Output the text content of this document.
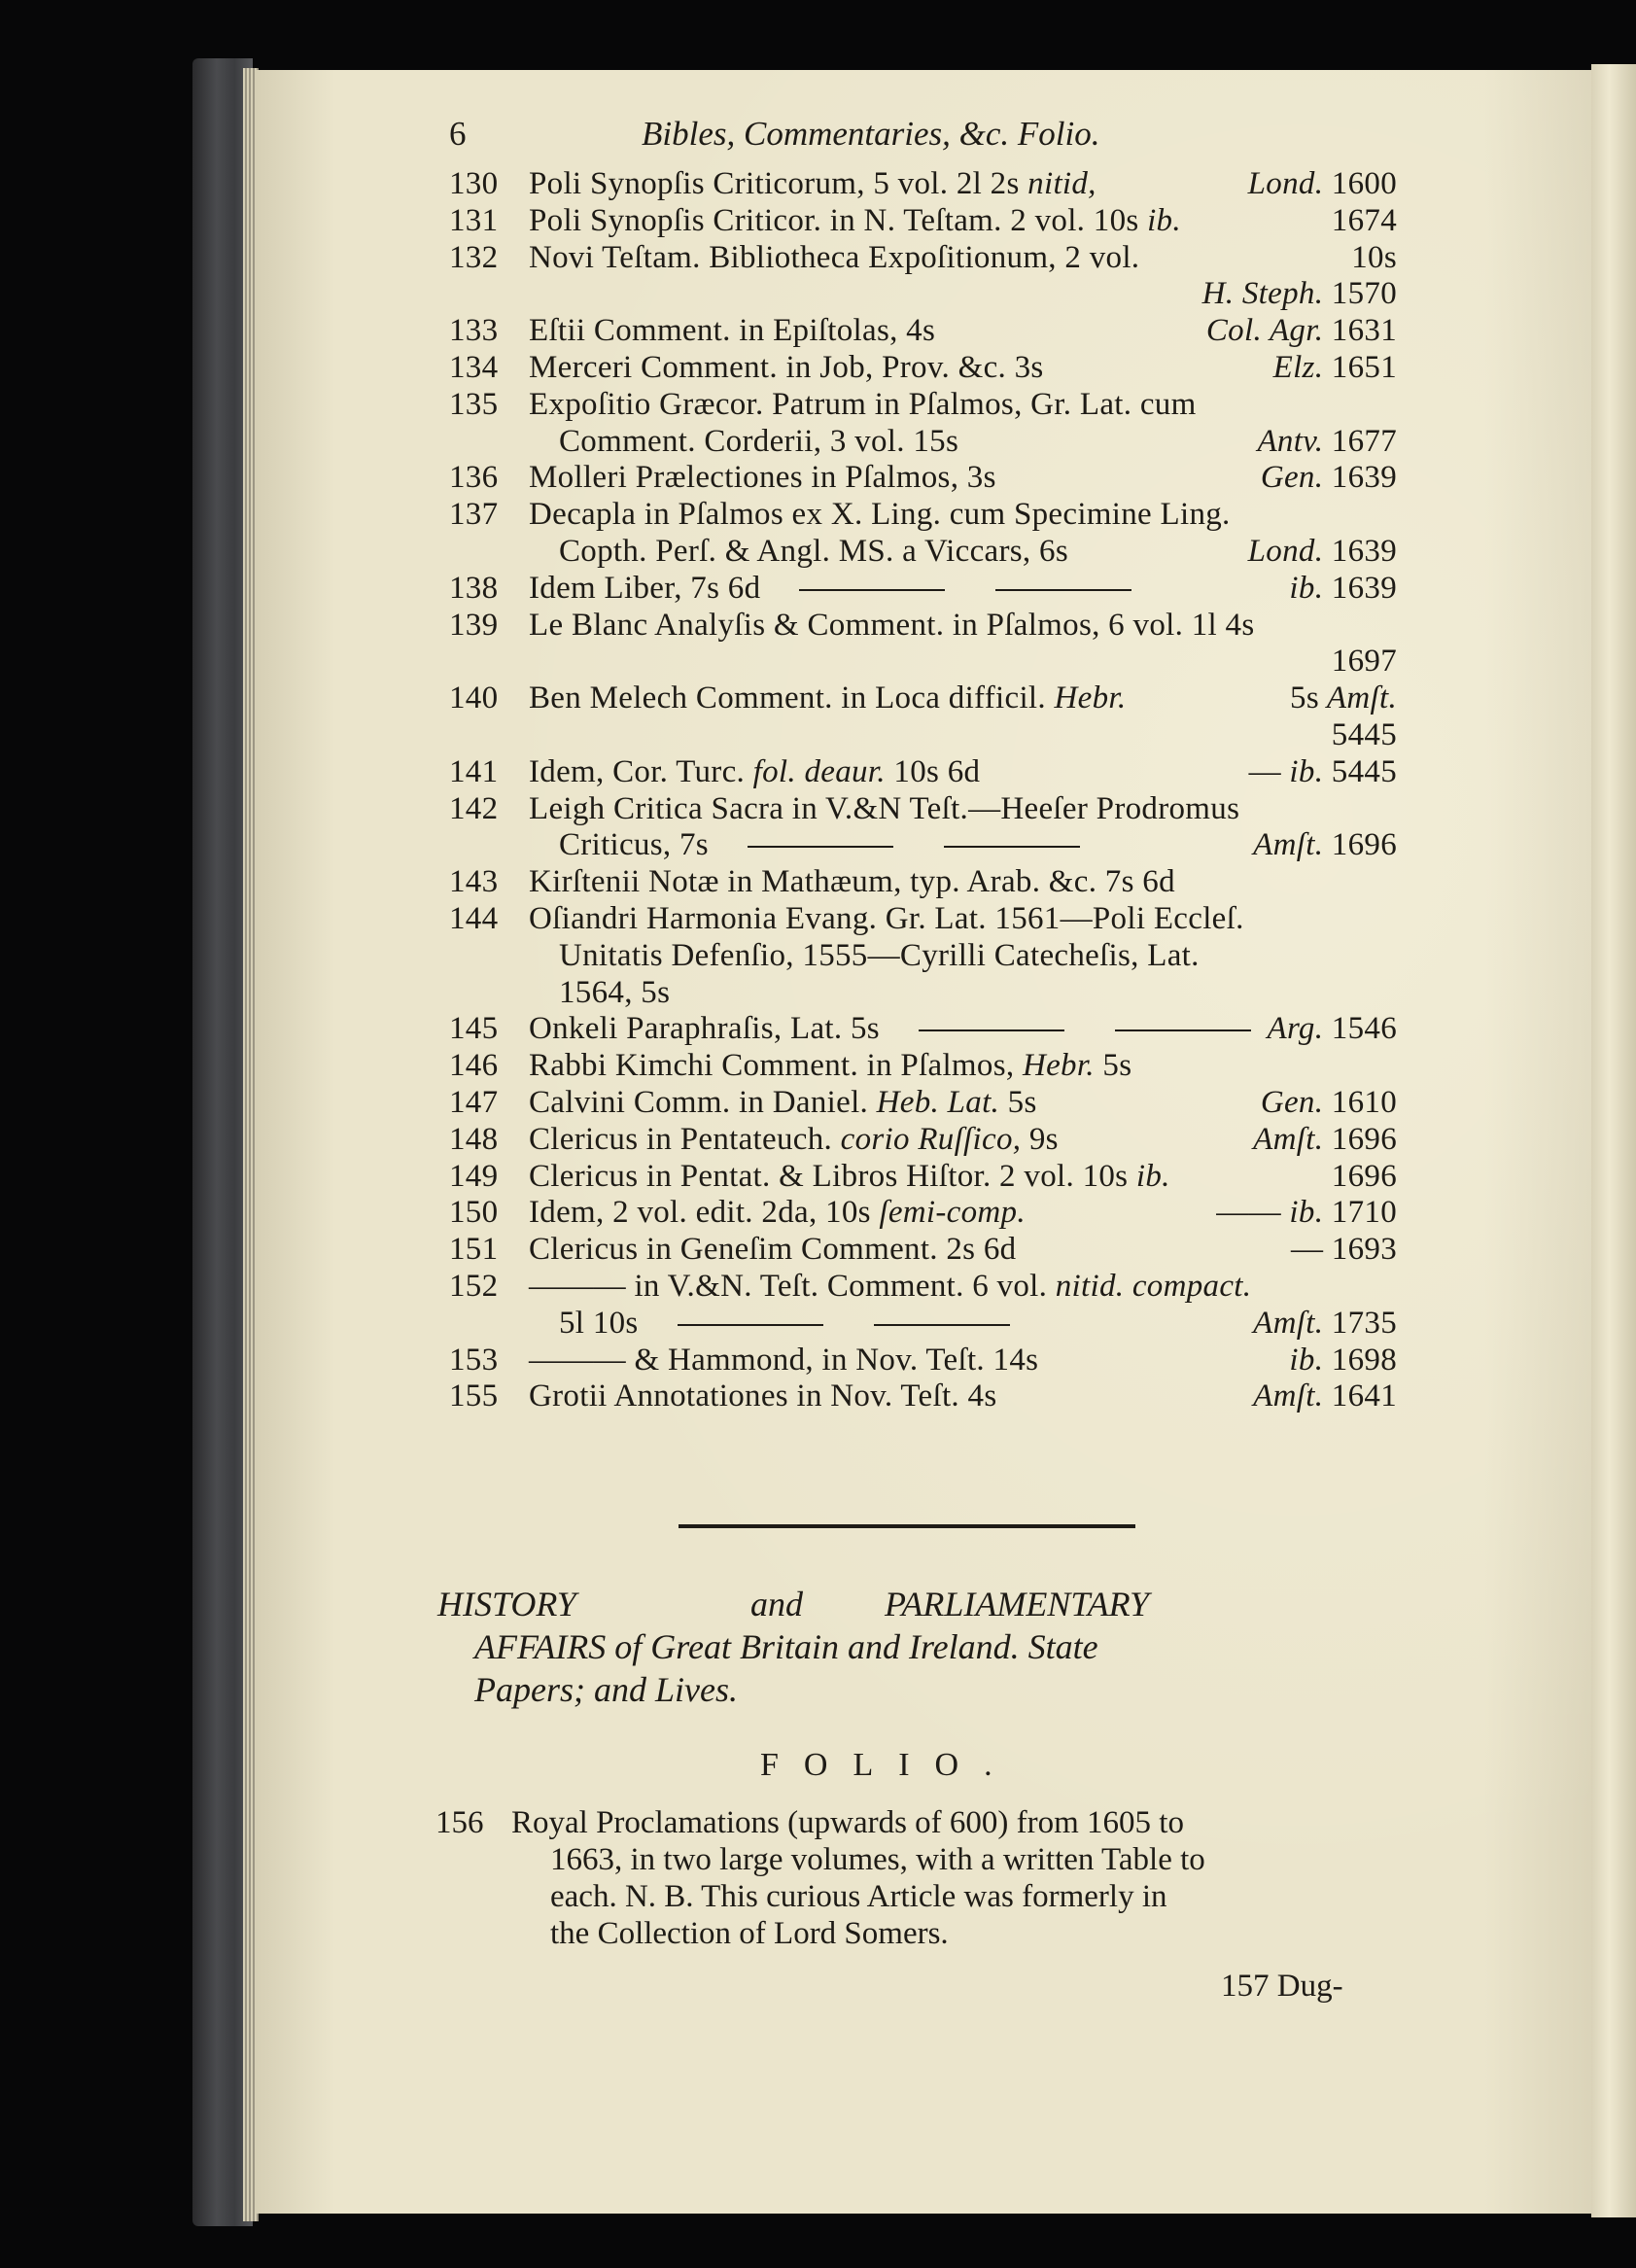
6	Bibles, Commentaries, &c. Folio.
130 Poli Synopſis Criticorum, 5 vol. 2l 2s nitid,	Lond. 1600
131 Poli Synopſis Criticor. in N. Teſtam. 2 vol. 10s ib.	1674
132 Novi Teſtam. Bibliotheca Expoſitionum, 2 vol.	10s
H. Steph. 1570
133 Eſtii Comment. in Epiſtolas, 4s	Col. Agr. 1631
134 Merceri Comment. in Job, Prov. &c. 3s	Elz. 1651
135 Expoſitio Græcor. Patrum in Pſalmos, Gr. Lat. cum
Comment. Corderii, 3 vol. 15s	Antv. 1677
136 Molleri Prælectiones in Pſalmos, 3s	Gen. 1639
137 Decapla in Pſalmos ex X. Ling. cum Specimine Ling.
Copth. Perſ. & Angl. MS. a Viccars, 6s	Lond. 1639
138 Idem Liber, 7s 6d	ib. 1639
139 Le Blanc Analyſis & Comment. in Pſalmos, 6 vol. 1l 4s
1697
140 Ben Melech Comment. in Loca difficil. Hebr.	5s Amſt.
5445
141 Idem, Cor. Turc. fol. deaur. 10s 6d	— ib. 5445
142 Leigh Critica Sacra in V.&N Teſt.—Heeſer Prodromus
Criticus, 7s	Amſt. 1696
143 Kirſtenii Notæ in Mathæum, typ. Arab. &c. 7s 6d
144 Oſiandri Harmonia Evang. Gr. Lat. 1561—Poli Eccleſ.
Unitatis Defenſio, 1555—Cyrilli Catecheſis, Lat.
1564, 5s
145 Onkeli Paraphraſis, Lat. 5s	Arg. 1546
146 Rabbi Kimchi Comment. in Pſalmos, Hebr. 5s
147 Calvini Comm. in Daniel. Heb. Lat. 5s	Gen. 1610
148 Clericus in Pentateuch. corio Ruſſico, 9s	Amſt. 1696
149 Clericus in Pentat. & Libros Hiſtor. 2 vol. 10s ib.	1696
150 Idem, 2 vol. edit. 2da, 10s ſemi-comp.	—— ib. 1710
151 Clericus in Geneſim Comment. 2s 6d	— 1693
152 ——— in V.&N. Teſt. Comment. 6 vol. nitid. compact.
5l 10s	Amſt. 1735
153 ——— & Hammond, in Nov. Teſt. 14s	ib. 1698
155 Grotii Annotationes in Nov. Teſt. 4s	Amſt. 1641
HISTORY	and PARLIAMENTARY
AFFAIRS of Great Britain and Ireland. State
Papers; and Lives.
FOLIO.
156 Royal Proclamations (upwards of 600) from 1605 to
1663, in two large volumes, with a written Table to
each. N. B. This curious Article was formerly in
the Collection of Lord Somers.
157 Dug-
